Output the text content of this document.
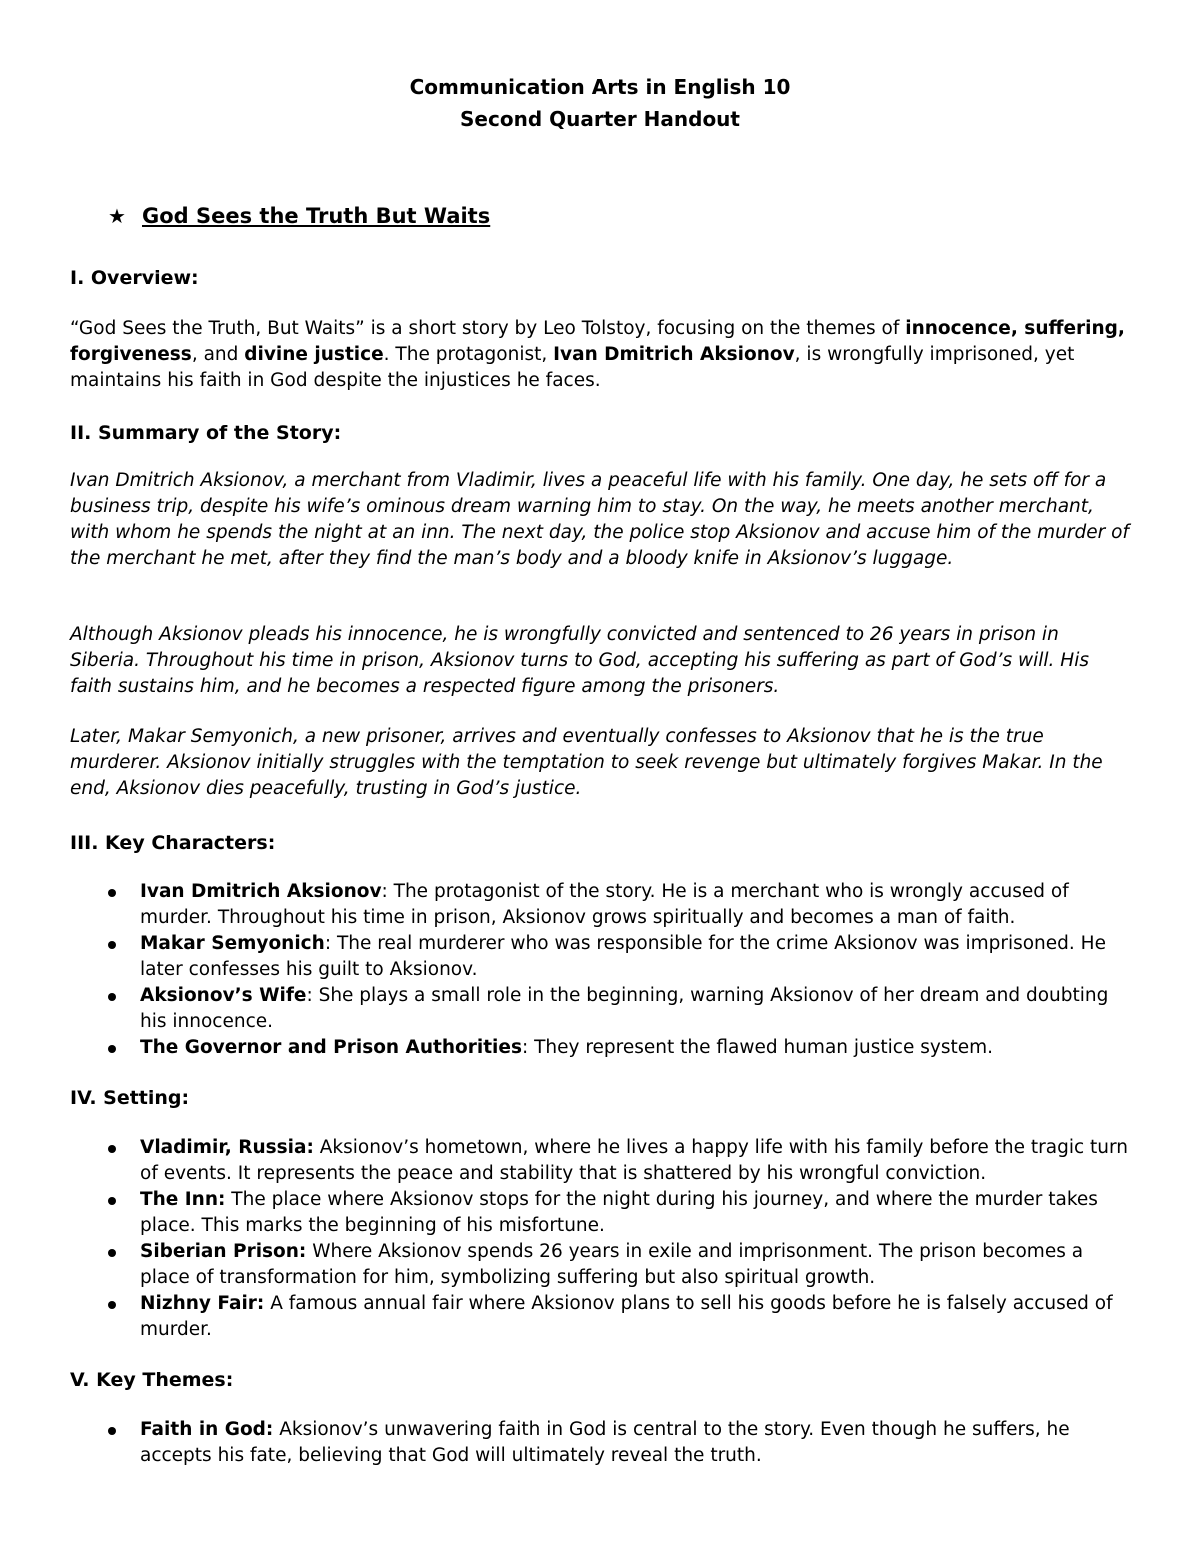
Communication Arts in English 10
Second Quarter Handout
★ God Sees the Truth But Waits
I. Overview:

“God Sees the Truth, But Waits” is a short story by Leo Tolstoy, focusing on the themes of innocence, suffering, forgiveness, and divine justice. The protagonist, Ivan Dmitrich Aksionov, is wrongfully imprisoned, yet maintains his faith in God despite the injustices he faces.

II. Summary of the Story:

Ivan Dmitrich Aksionov, a merchant from Vladimir, lives a peaceful life with his family. One day, he sets off for a business trip, despite his wife’s ominous dream warning him to stay. On the way, he meets another merchant, with whom he spends the night at an inn. The next day, the police stop Aksionov and accuse him of the murder of the merchant he met, after they find the man’s body and a bloody knife in Aksionov’s luggage.

Although Aksionov pleads his innocence, he is wrongfully convicted and sentenced to 26 years in prison in Siberia. Throughout his time in prison, Aksionov turns to God, accepting his suffering as part of God’s will. His faith sustains him, and he becomes a respected figure among the prisoners.

Later, Makar Semyonich, a new prisoner, arrives and eventually confesses to Aksionov that he is the true murderer. Aksionov initially struggles with the temptation to seek revenge but ultimately forgives Makar. In the end, Aksionov dies peacefully, trusting in God’s justice.

III. Key Characters:
Ivan Dmitrich Aksionov: The protagonist of the story. He is a merchant who is wrongly accused of murder. Throughout his time in prison, Aksionov grows spiritually and becomes a man of faith.
Makar Semyonich: The real murderer who was responsible for the crime Aksionov was imprisoned. He later confesses his guilt to Aksionov.
Aksionov’s Wife: She plays a small role in the beginning, warning Aksionov of her dream and doubting his innocence.
The Governor and Prison Authorities: They represent the flawed human justice system.
IV. Setting:
Vladimir, Russia: Aksionov’s hometown, where he lives a happy life with his family before the tragic turn of events. It represents the peace and stability that is shattered by his wrongful conviction.
The Inn: The place where Aksionov stops for the night during his journey, and where the murder takes place. This marks the beginning of his misfortune.
Siberian Prison: Where Aksionov spends 26 years in exile and imprisonment. The prison becomes a place of transformation for him, symbolizing suffering but also spiritual growth.
Nizhny Fair: A famous annual fair where Aksionov plans to sell his goods before he is falsely accused of murder.
V. Key Themes:
Faith in God: Aksionov’s unwavering faith in God is central to the story. Even though he suffers, he accepts his fate, believing that God will ultimately reveal the truth.
